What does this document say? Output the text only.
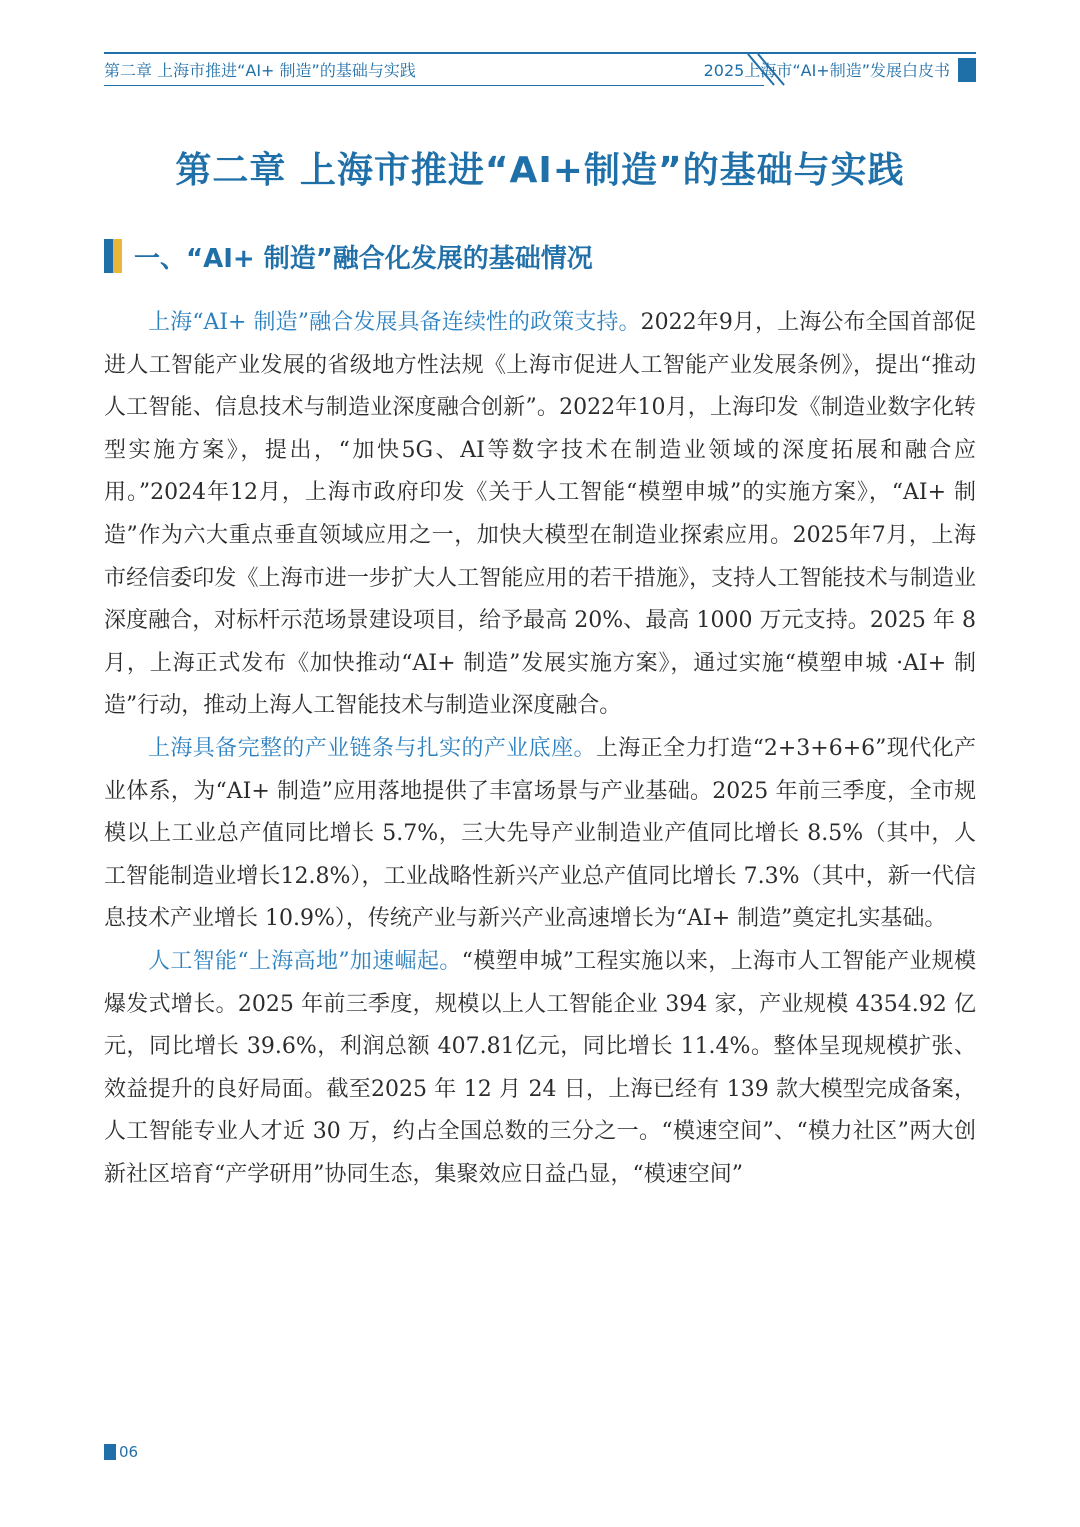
第二章 上海市推进“AI+ 制造”的基础与实践	2025上海市“AI+制造”发展白皮书
第二章 上海市推进“AI+制造”的基础与实践
一、“AI+ 制造”融合化发展的基础情况

上海“AI+ 制造”融合发展具备连续性的政策支持。2022年9月，上海公布全国首部促进人工智能产业发展的省级地方性法规《上海市促进人工智能产业发展条例》，提出“推动人工智能、信息技术与制造业深度融合创新”。2022年10月，上海印发《制造业数字化转型实施方案》，提出，“加快5G、AI等数字技术在制造业领域的深度拓展和融合应用。”2024年12月，上海市政府印发《关于人工智能“模塑申城”的实施方案》，“AI+ 制造”作为六大重点垂直领域应用之一，加快大模型在制造业探索应用。2025年7月，上海市经信委印发《上海市进一步扩大人工智能应用的若干措施》，支持人工智能技术与制造业深度融合，对标杆示范场景建设项目，给予最高 20%、最高 1000 万元支持。2025 年 8 月，上海正式发布《加快推动“AI+ 制造”发展实施方案》，通过实施“模塑申城 ·AI+ 制造”行动，推动上海人工智能技术与制造业深度融合。

上海具备完整的产业链条与扎实的产业底座。上海正全力打造“2+3+6+6”现代化产业体系，为“AI+ 制造”应用落地提供了丰富场景与产业基础。2025 年前三季度，全市规模以上工业总产值同比增长 5.7%，三大先导产业制造业产值同比增长 8.5%（其中，人工智能制造业增长12.8%），工业战略性新兴产业总产值同比增长 7.3%（其中，新一代信息技术产业增长 10.9%），传统产业与新兴产业高速增长为“AI+ 制造”奠定扎实基础。

人工智能“上海高地”加速崛起。“模塑申城”工程实施以来，上海市人工智能产业规模爆发式增长。2025 年前三季度，规模以上人工智能企业 394 家，产业规模 4354.92 亿元，同比增长 39.6%，利润总额 407.81亿元，同比增长 11.4%。整体呈现规模扩张、效益提升的良好局面。截至2025 年 12 月 24 日，上海已经有 139 款大模型完成备案，人工智能专业人才近 30 万，约占全国总数的三分之一。“模速空间”、“模力社区”两大创新社区培育“产学研用”协同生态，集聚效应日益凸显，“模速空间”

06
